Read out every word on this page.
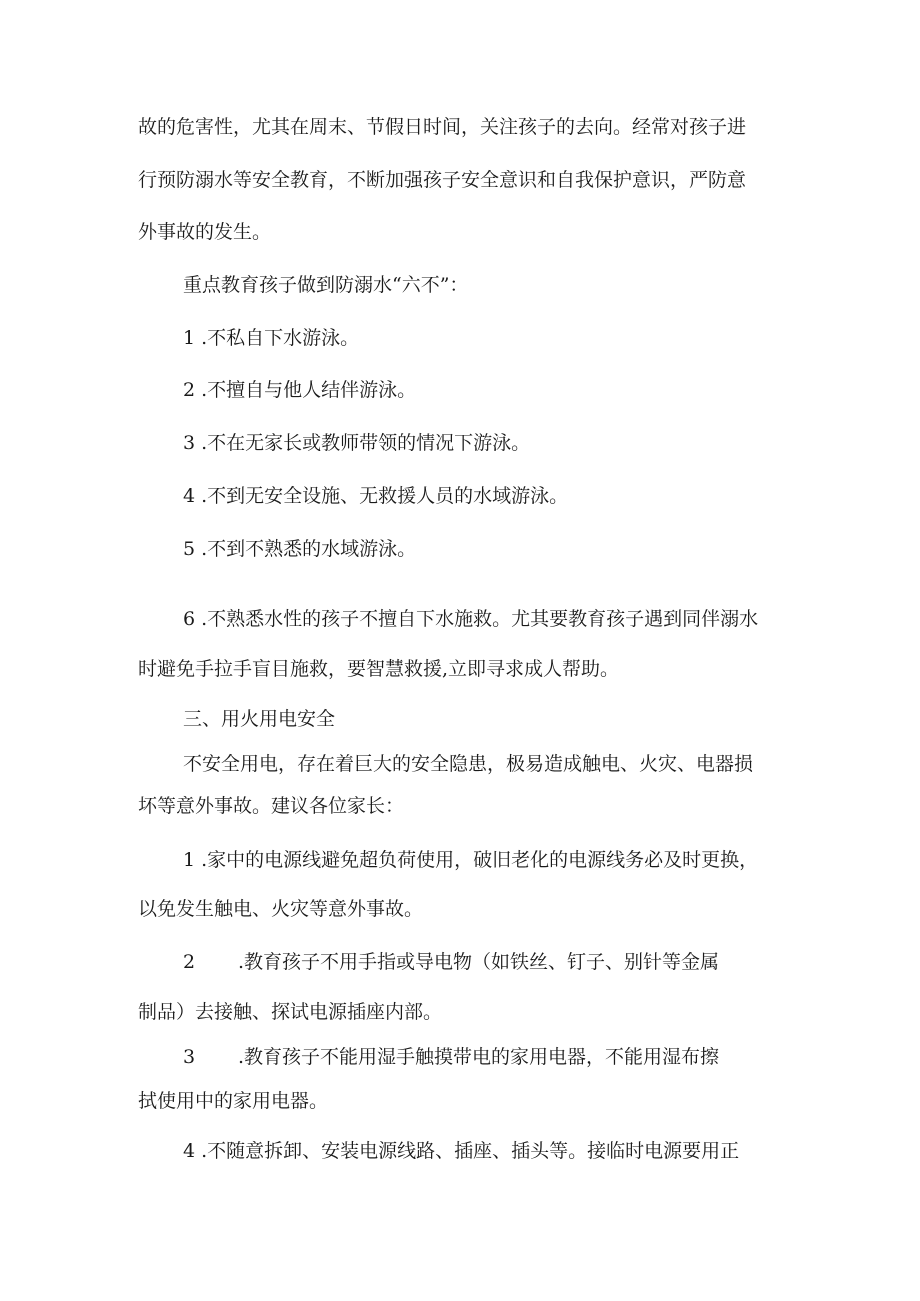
故的危害性，尤其在周末、节假日时间，关注孩子的去向。经常对孩子进

行预防溺水等安全教育，不断加强孩子安全意识和自我保护意识，严防意

外事故的发生。

重点教育孩子做到防溺水“六不”：

1 .不私自下水游泳。

2 .不擅自与他人结伴游泳。

3 .不在无家长或教师带领的情况下游泳。

4 .不到无安全设施、无救援人员的水域游泳。

5 .不到不熟悉的水域游泳。

6 .不熟悉水性的孩子不擅自下水施救。尤其要教育孩子遇到同伴溺水

时避免手拉手盲目施救，要智慧救援,立即寻求成人帮助。

三、用火用电安全

不安全用电，存在着巨大的安全隐患，极易造成触电、火灾、电器损

坏等意外事故。建议各位家长：

1 .家中的电源线避免超负荷使用，破旧老化的电源线务必及时更换，

以免发生触电、火灾等意外事故。

2 .教育孩子不用手指或导电物（如铁丝、钉子、别针等金属

制品）去接触、探试电源插座内部。

3 .教育孩子不能用湿手触摸带电的家用电器，不能用湿布擦

拭使用中的家用电器。

4 .不随意拆卸、安装电源线路、插座、插头等。接临时电源要用正
